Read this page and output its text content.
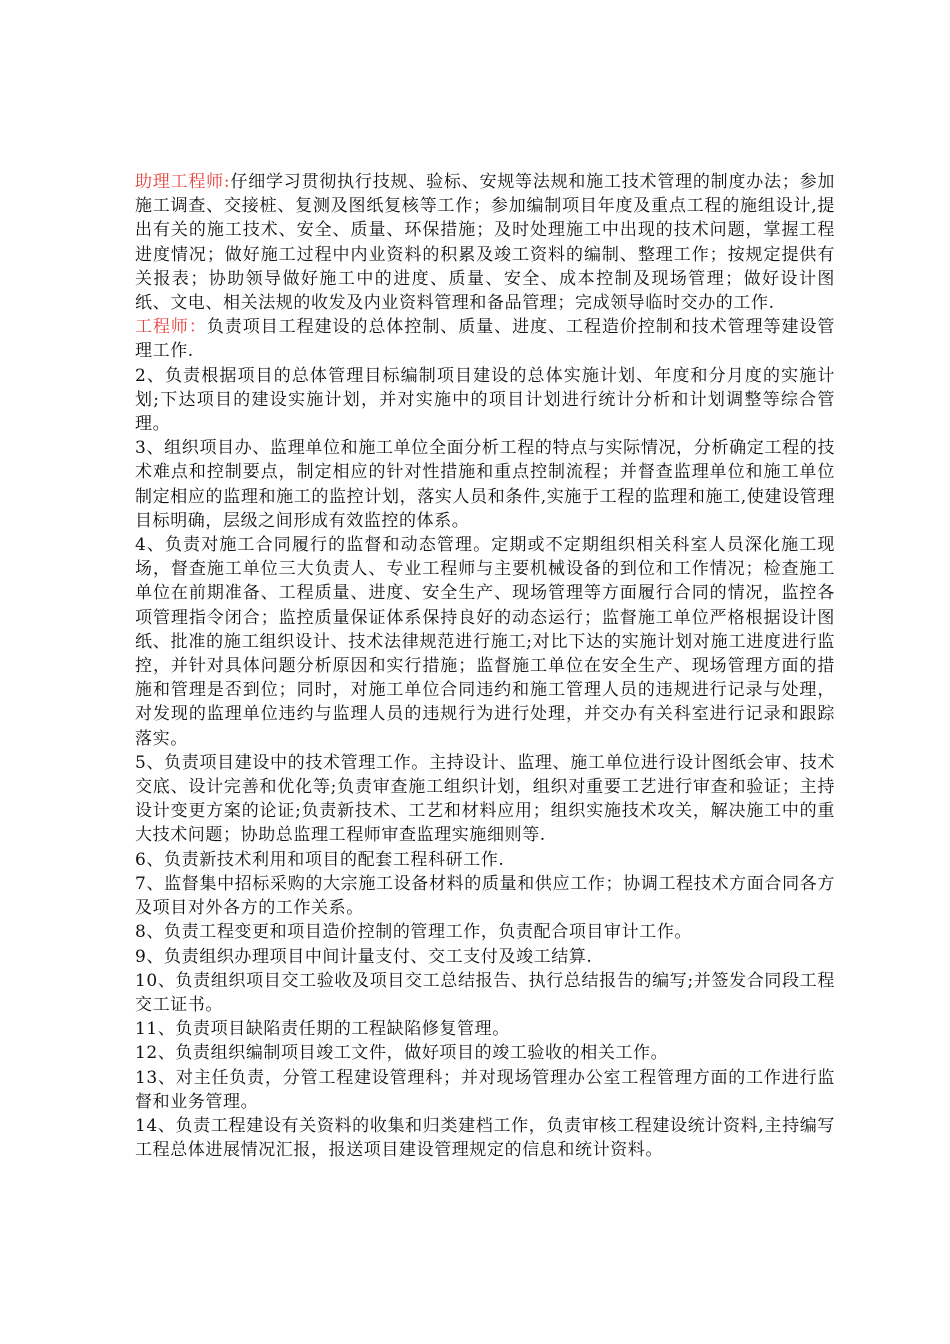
助理工程师:仔细学习贯彻执行技规、验标、安规等法规和施工技术管理的制度办法；参加施工调查、交接桩、复测及图纸复核等工作；参加编制项目年度及重点工程的施组设计,提出有关的施工技术、安全、质量、环保措施；及时处理施工中出现的技术问题，掌握工程进度情况；做好施工过程中内业资料的积累及竣工资料的编制、整理工作；按规定提供有关报表；协助领导做好施工中的进度、质量、安全、成本控制及现场管理；做好设计图纸、文电、相关法规的收发及内业资料管理和备品管理；完成领导临时交办的工作.

工程师：负责项目工程建设的总体控制、质量、进度、工程造价控制和技术管理等建设管理工作.

2、负责根据项目的总体管理目标编制项目建设的总体实施计划、年度和分月度的实施计划;下达项目的建设实施计划，并对实施中的项目计划进行统计分析和计划调整等综合管理。

3、组织项目办、监理单位和施工单位全面分析工程的特点与实际情况，分析确定工程的技术难点和控制要点，制定相应的针对性措施和重点控制流程；并督查监理单位和施工单位制定相应的监理和施工的监控计划，落实人员和条件,实施于工程的监理和施工,使建设管理目标明确，层级之间形成有效监控的体系。

4、负责对施工合同履行的监督和动态管理。定期或不定期组织相关科室人员深化施工现场，督查施工单位三大负责人、专业工程师与主要机械设备的到位和工作情况；检查施工单位在前期准备、工程质量、进度、安全生产、现场管理等方面履行合同的情况，监控各项管理指令闭合；监控质量保证体系保持良好的动态运行；监督施工单位严格根据设计图纸、批准的施工组织设计、技术法律规范进行施工;对比下达的实施计划对施工进度进行监控，并针对具体问题分析原因和实行措施；监督施工单位在安全生产、现场管理方面的措施和管理是否到位；同时，对施工单位合同违约和施工管理人员的违规进行记录与处理，对发现的监理单位违约与监理人员的违规行为进行处理，并交办有关科室进行记录和跟踪落实。

5、负责项目建设中的技术管理工作。主持设计、监理、施工单位进行设计图纸会审、技术交底、设计完善和优化等;负责审查施工组织计划，组织对重要工艺进行审查和验证；主持设计变更方案的论证;负责新技术、工艺和材料应用；组织实施技术攻关，解决施工中的重大技术问题；协助总监理工程师审查监理实施细则等.

6、负责新技术利用和项目的配套工程科研工作.

7、监督集中招标采购的大宗施工设备材料的质量和供应工作；协调工程技术方面合同各方及项目对外各方的工作关系。

8、负责工程变更和项目造价控制的管理工作，负责配合项目审计工作。

9、负责组织办理项目中间计量支付、交工支付及竣工结算.

10、负责组织项目交工验收及项目交工总结报告、执行总结报告的编写;并签发合同段工程交工证书。

11、负责项目缺陷责任期的工程缺陷修复管理。

12、负责组织编制项目竣工文件，做好项目的竣工验收的相关工作。

13、对主任负责，分管工程建设管理科；并对现场管理办公室工程管理方面的工作进行监督和业务管理。

14、负责工程建设有关资料的收集和归类建档工作，负责审核工程建设统计资料,主持编写工程总体进展情况汇报，报送项目建设管理规定的信息和统计资料。
